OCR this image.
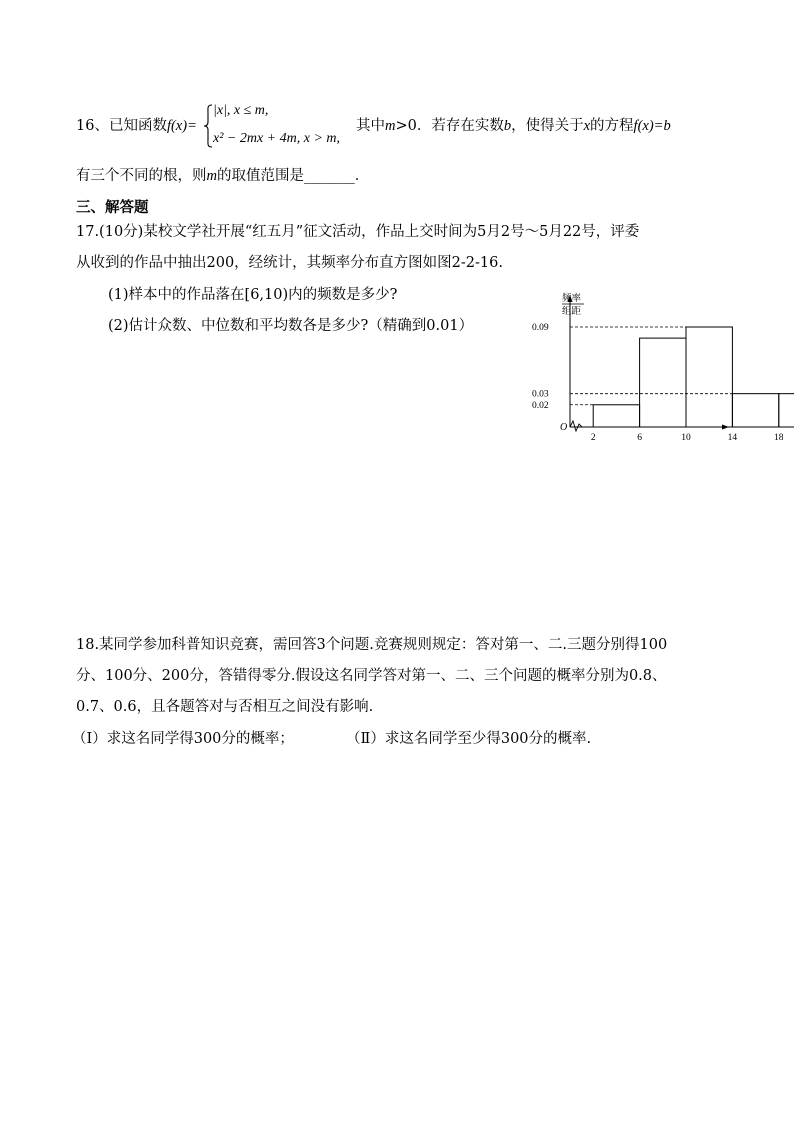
16、已知函数f(x)=
|x|, x ≤ m,
x² − 2mx + 4m, x > m,
其中m>0．若存在实数b，使得关于x的方程f(x)=b
有三个不同的根，则m的取值范围是_______．
三、解答题
17.(10分)某校文学社开展“红五月”征文活动，作品上交时间为5月2号～5月22号，评委
从收到的作品中抽出200，经统计，其频率分布直方图如图2-2-16.
(1)样本中的作品落在[6,10)内的频数是多少?
(2)估计众数、中位数和平均数各是多少?（精确到0.01）
频率
组距
O
0.09
0.03
0.02
2	6	10	14	18
18.某同学参加科普知识竞赛，需回答3个问题.竞赛规则规定：答对第一、二.三题分别得100
分、100分、200分，答错得零分.假设这名同学答对第一、二、三个问题的概率分别为0.8、
0.7、0.6，且各题答对与否相互之间没有影响.
（Ⅰ）求这名同学得300分的概率；	（Ⅱ）求这名同学至少得300分的概率.
